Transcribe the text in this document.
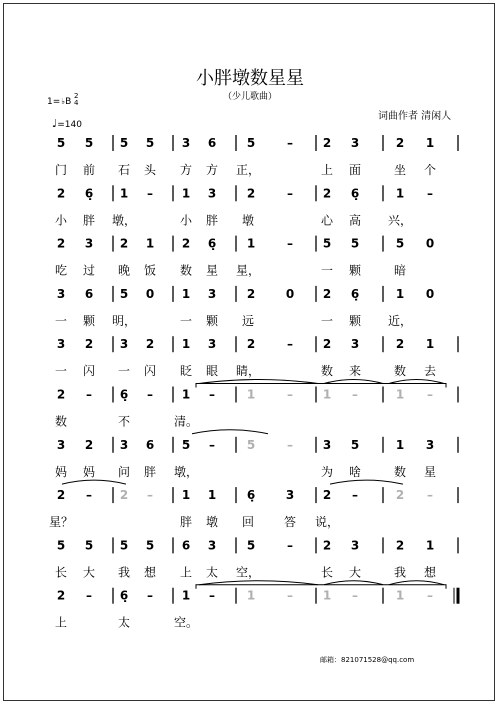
小胖墩数星星
（少儿歌曲）
1=♭B
2
4
♩=140
词曲作者 清闲人
5 5 5 5 3 6	5	– 2 3	2 1
门 前 石 头 方 方 正，	上 面	坐 个
2 6̣ 1 – 1 3	2	– 2 6̣	1 –
小 胖 墩，	小 胖 墩	心 高 兴，
2 3 2 1 2 6̣	1	– 5 5	5 0
吃 过 晚 饭 数 星 星，	一 颗	暗
3 6 5 0 1 3	2	0 2 6̣	1 0
一 颗 明，	一 颗 远	一 颗 近，
3 2 3 2 1 3	2	– 2 3	2 1
一 闪 一 闪 眨 眼 睛，	数 来	数 去
2 – 6̣ – 1 –	1	– 1 –	1 –
数	不	清。
3 2 3 6 5 –	5	– 3 5	1 3
妈 妈 问 胖 墩，	为 啥	数 星
2 – 2 – 1 1	6̣	3 2 –	2 –
星？	胖 墩 回 答 说，
5 5 5 5 6 3	5	– 2 3	2 1
长 大 我 想 上 太 空，	长 大	我 想
2 – 6̣ – 1 –	1	– 1 –	1 –
上	太	空。
邮箱：821071528@qq.com
